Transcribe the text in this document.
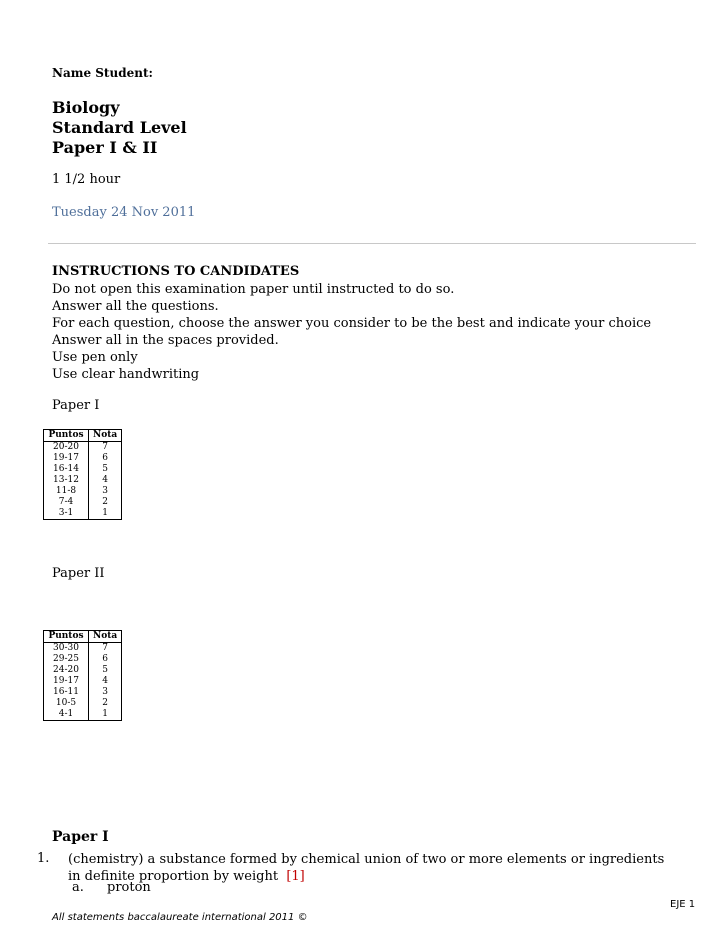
Name Student:
Biology
Standard Level
Paper I & II
1 1/2 hour
Tuesday 24 Nov 2011
INSTRUCTIONS TO CANDIDATES
Do not open this examination paper until instructed to do so.
Answer all the questions.
For each question, choose the answer you consider to be the best and indicate your choice
Answer all in the spaces provided.
Use pen only
Use clear handwriting
Paper I
Puntos	Nota
20-20	7
19-17	6
16-14	5
13-12	4
11-8	3
7-4	2
3-1	1
Paper II
Puntos	Nota
30-30	7
29-25	6
24-20	5
19-17	4
16-11	3
10-5	2
4-1	1
Paper I
1. (chemistry) a substance formed by chemical union of two or more elements or ingredients in definite proportion by weight [1]
a. proton
EJE 1
All statements baccalaureate international 2011 ©
